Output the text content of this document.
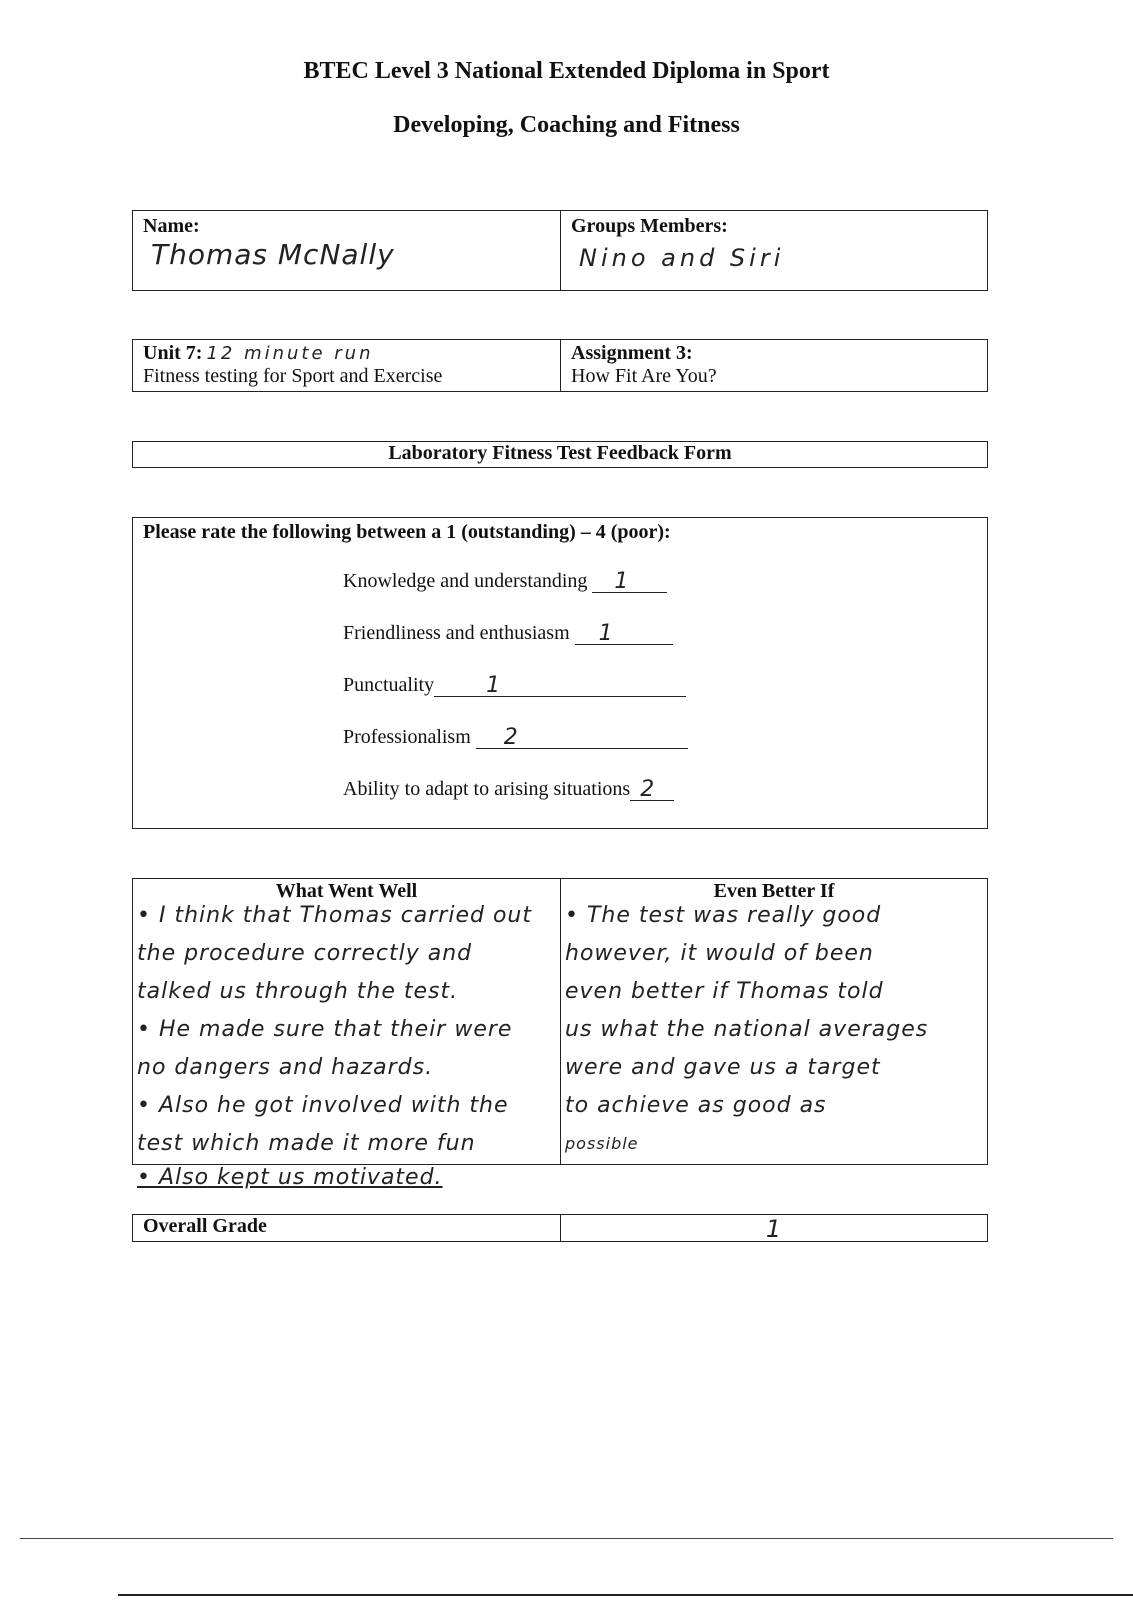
BTEC Level 3 National Extended Diploma in Sport
Developing, Coaching and Fitness
Name:
Thomas McNally
Groups Members:
Nino and Siri
Unit 7: 12 minute run
Fitness testing for Sport and Exercise
Assignment 3:
How Fit Are You?
Laboratory Fitness Test Feedback Form
Please rate the following between a 1 (outstanding) – 4 (poor):
Knowledge and understanding
1
Friendliness and enthusiasm
1
Punctuality 1
Professionalism
2
Ability to adapt to arising situations 2
What Went Well
• I think that Thomas carried out
the procedure correctly and
talked us through the test.
• He made sure that their were
no dangers and hazards.
• Also he got involved with the
test which made it more fun
• Also kept us motivated.
Even Better If
• The test was really good
however, it would of been
even better if Thomas told
us what the national averages
were and gave us a target
to achieve as good as
possible
Overall Grade	1
